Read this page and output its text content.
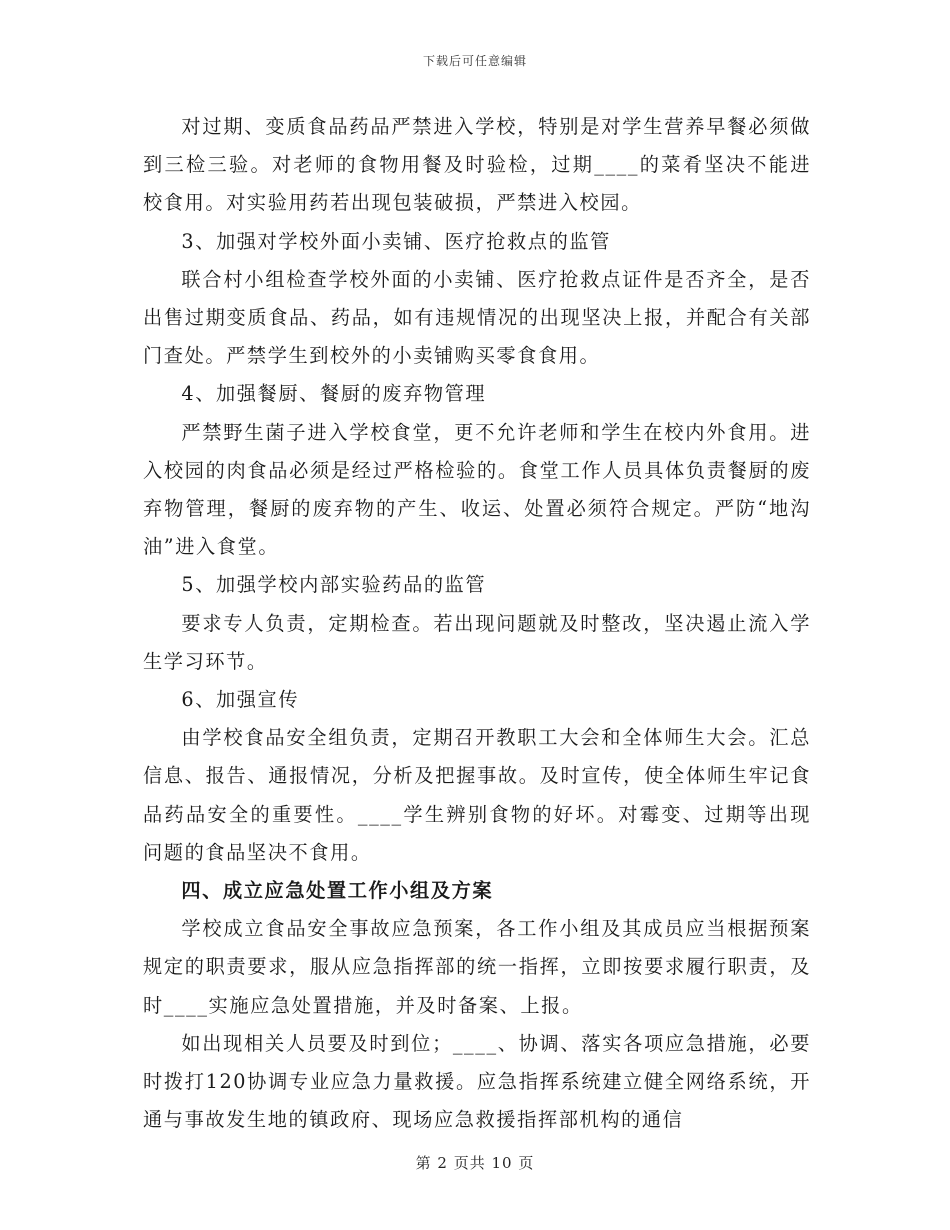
下载后可任意编辑

对过期、变质食品药品严禁进入学校，特别是对学生营养早餐必须做到三检三验。对老师的食物用餐及时验检，过期____的菜肴坚决不能进校食用。对实验用药若出现包装破损，严禁进入校园。

3、加强对学校外面小卖铺、医疗抢救点的监管

联合村小组检查学校外面的小卖铺、医疗抢救点证件是否齐全，是否出售过期变质食品、药品，如有违规情况的出现坚决上报，并配合有关部门查处。严禁学生到校外的小卖铺购买零食食用。

4、加强餐厨、餐厨的废弃物管理

严禁野生菌子进入学校食堂，更不允许老师和学生在校内外食用。进入校园的肉食品必须是经过严格检验的。食堂工作人员具体负责餐厨的废弃物管理，餐厨的废弃物的产生、收运、处置必须符合规定。严防“地沟油”进入食堂。

5、加强学校内部实验药品的监管

要求专人负责，定期检查。若出现问题就及时整改，坚决遏止流入学生学习环节。

6、加强宣传

由学校食品安全组负责，定期召开教职工大会和全体师生大会。汇总信息、报告、通报情况，分析及把握事故。及时宣传，使全体师生牢记食品药品安全的重要性。____学生辨别食物的好坏。对霉变、过期等出现问题的食品坚决不食用。

四、成立应急处置工作小组及方案

学校成立食品安全事故应急预案，各工作小组及其成员应当根据预案规定的职责要求，服从应急指挥部的统一指挥，立即按要求履行职责，及时____实施应急处置措施，并及时备案、上报。

如出现相关人员要及时到位；____、协调、落实各项应急措施，必要时拨打120协调专业应急力量救援。应急指挥系统建立健全网络系统，开通与事故发生地的镇政府、现场应急救援指挥部机构的通信

第 2 页共 10 页
